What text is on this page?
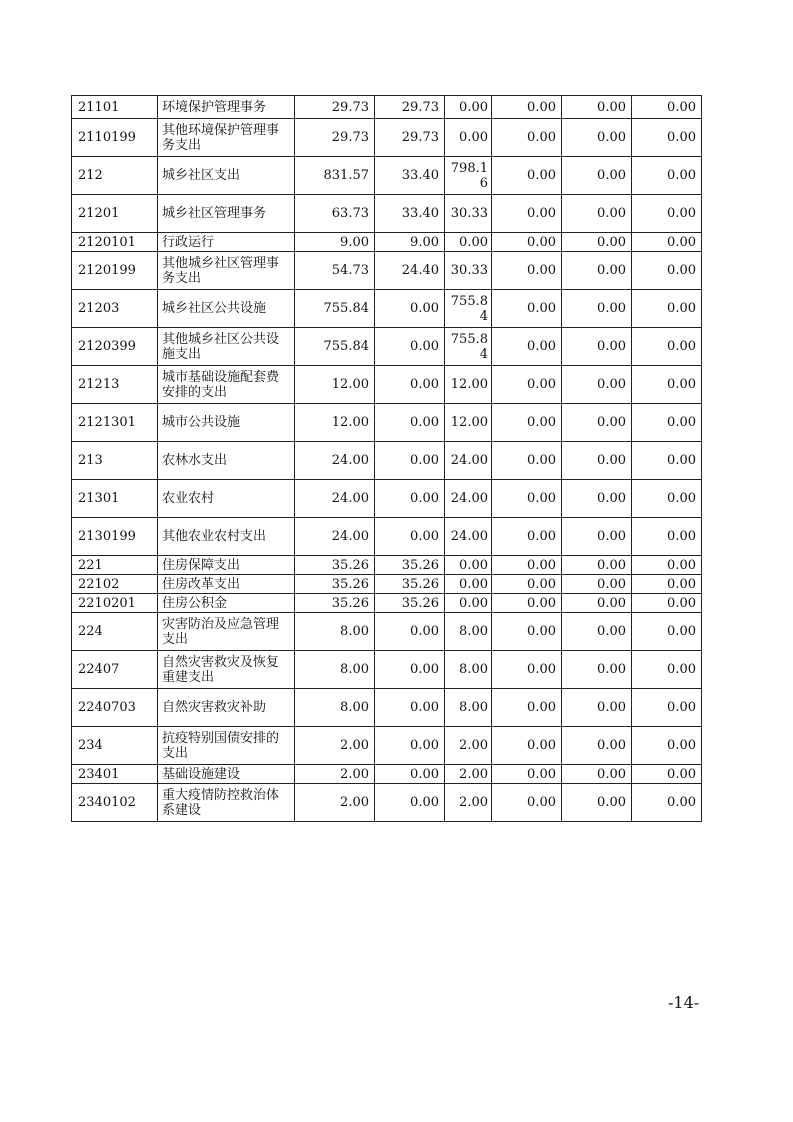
21101	环境保护管理事务	29.73	29.73	0.00	0.00	0.00	0.00
2110199	其他环境保护管理事务支出	29.73	29.73	0.00	0.00	0.00	0.00
212	城乡社区支出	831.57	33.40	798.16	0.00	0.00	0.00
21201	城乡社区管理事务	63.73	33.40	30.33	0.00	0.00	0.00
2120101	行政运行	9.00	9.00	0.00	0.00	0.00	0.00
2120199	其他城乡社区管理事务支出	54.73	24.40	30.33	0.00	0.00	0.00
21203	城乡社区公共设施	755.84	0.00	755.84	0.00	0.00	0.00
2120399	其他城乡社区公共设施支出	755.84	0.00	755.84	0.00	0.00	0.00
21213	城市基础设施配套费安排的支出	12.00	0.00	12.00	0.00	0.00	0.00
2121301	城市公共设施	12.00	0.00	12.00	0.00	0.00	0.00
213	农林水支出	24.00	0.00	24.00	0.00	0.00	0.00
21301	农业农村	24.00	0.00	24.00	0.00	0.00	0.00
2130199	其他农业农村支出	24.00	0.00	24.00	0.00	0.00	0.00
221	住房保障支出	35.26	35.26	0.00	0.00	0.00	0.00
22102	住房改革支出	35.26	35.26	0.00	0.00	0.00	0.00
2210201	住房公积金	35.26	35.26	0.00	0.00	0.00	0.00
224	灾害防治及应急管理支出	8.00	0.00	8.00	0.00	0.00	0.00
22407	自然灾害救灾及恢复重建支出	8.00	0.00	8.00	0.00	0.00	0.00
2240703	自然灾害救灾补助	8.00	0.00	8.00	0.00	0.00	0.00
234	抗疫特别国债安排的支出	2.00	0.00	2.00	0.00	0.00	0.00
23401	基础设施建设	2.00	0.00	2.00	0.00	0.00	0.00
2340102	重大疫情防控救治体系建设	2.00	0.00	2.00	0.00	0.00	0.00
-14-
